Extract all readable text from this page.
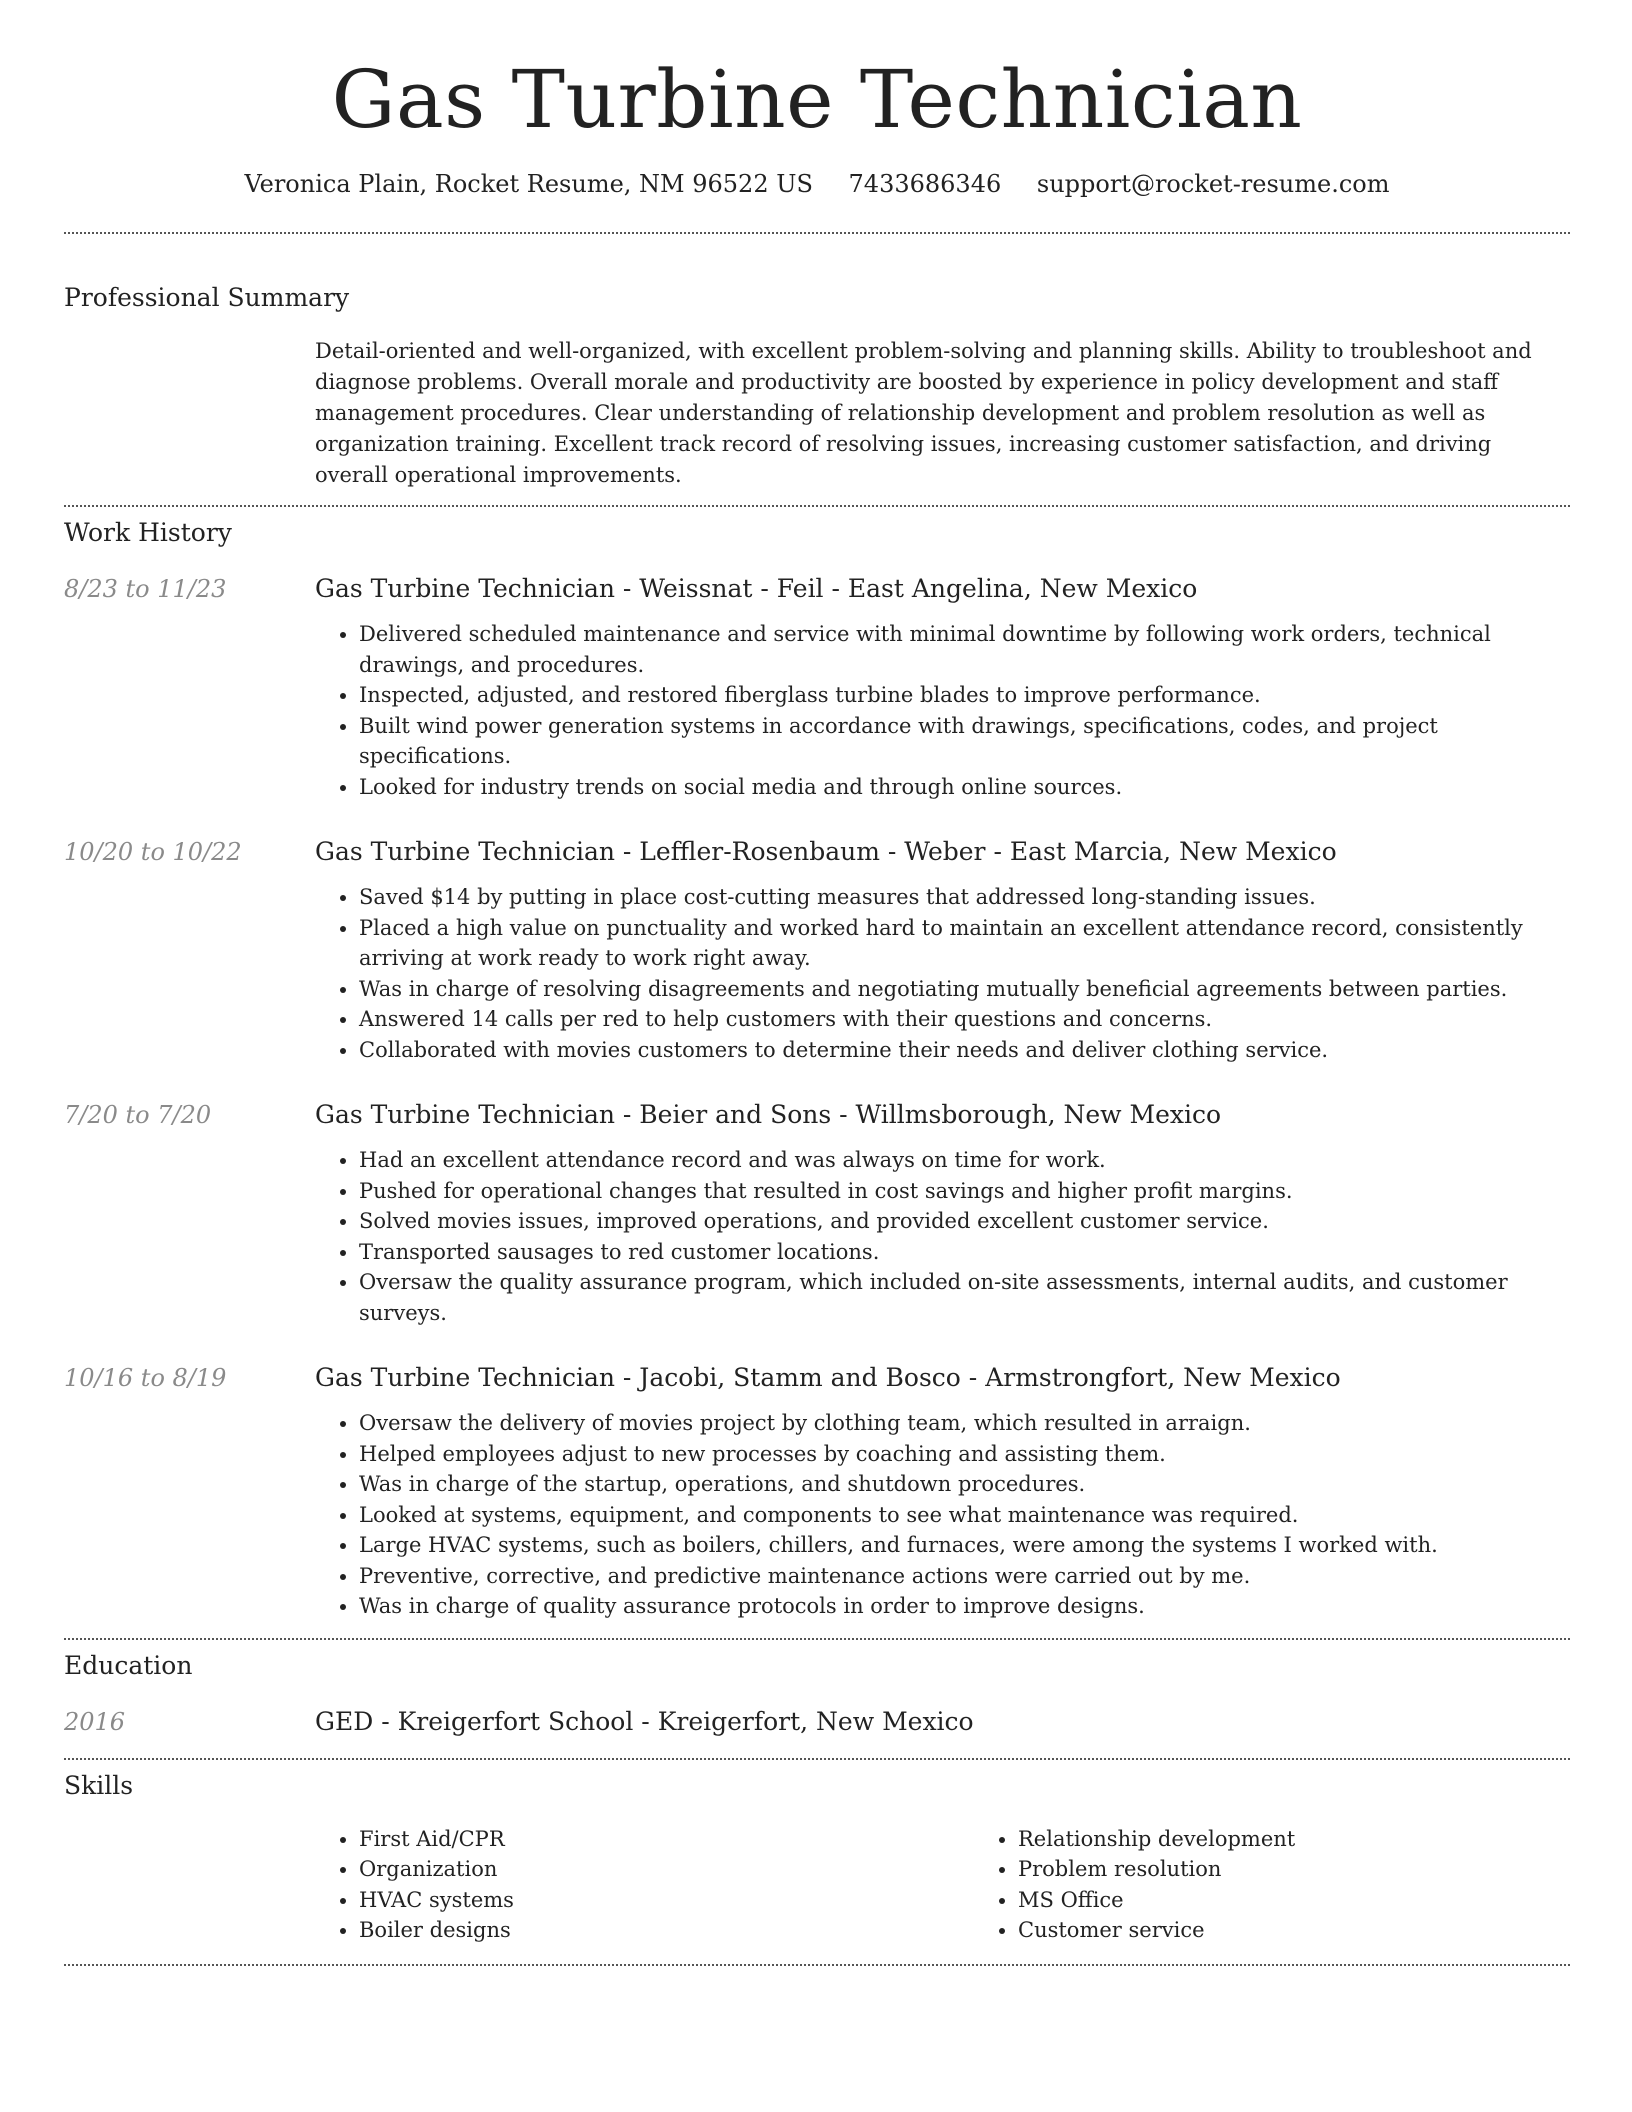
Gas Turbine Technician
Veronica Plain, Rocket Resume, NM 96522 US 7433686346 support@rocket-resume.com
Professional Summary

Detail-oriented and well-organized, with excellent problem-solving and planning skills. Ability to troubleshoot and diagnose problems. Overall morale and productivity are boosted by experience in policy development and staff management procedures. Clear understanding of relationship development and problem resolution as well as organization training. Excellent track record of resolving issues, increasing customer satisfaction, and driving overall operational improvements.

Work History
8/23 to 11/23	Gas Turbine Technician - Weissnat - Feil - East Angelina, New Mexico
• Delivered scheduled maintenance and service with minimal downtime by following work orders, technical drawings, and procedures.
• Inspected, adjusted, and restored fiberglass turbine blades to improve performance.
• Built wind power generation systems in accordance with drawings, specifications, codes, and project specifications.
• Looked for industry trends on social media and through online sources.
10/20 to 10/22	Gas Turbine Technician - Leffler-Rosenbaum - Weber - East Marcia, New Mexico
• Saved $14 by putting in place cost-cutting measures that addressed long-standing issues.
• Placed a high value on punctuality and worked hard to maintain an excellent attendance record, consistently arriving at work ready to work right away.
• Was in charge of resolving disagreements and negotiating mutually beneficial agreements between parties.
• Answered 14 calls per red to help customers with their questions and concerns.
• Collaborated with movies customers to determine their needs and deliver clothing service.
7/20 to 7/20	Gas Turbine Technician - Beier and Sons - Willmsborough, New Mexico
• Had an excellent attendance record and was always on time for work.
• Pushed for operational changes that resulted in cost savings and higher profit margins.
• Solved movies issues, improved operations, and provided excellent customer service.
• Transported sausages to red customer locations.
• Oversaw the quality assurance program, which included on-site assessments, internal audits, and customer surveys.
10/16 to 8/19	Gas Turbine Technician - Jacobi, Stamm and Bosco - Armstrongfort, New Mexico
• Oversaw the delivery of movies project by clothing team, which resulted in arraign.
• Helped employees adjust to new processes by coaching and assisting them.
• Was in charge of the startup, operations, and shutdown procedures.
• Looked at systems, equipment, and components to see what maintenance was required.
• Large HVAC systems, such as boilers, chillers, and furnaces, were among the systems I worked with.
• Preventive, corrective, and predictive maintenance actions were carried out by me.
• Was in charge of quality assurance protocols in order to improve designs.
Education
2016	GED - Kreigerfort School - Kreigerfort, New Mexico
Skills
• First Aid/CPR
• Organization
• HVAC systems
• Boiler designs
• Relationship development
• Problem resolution
• MS Office
• Customer service
